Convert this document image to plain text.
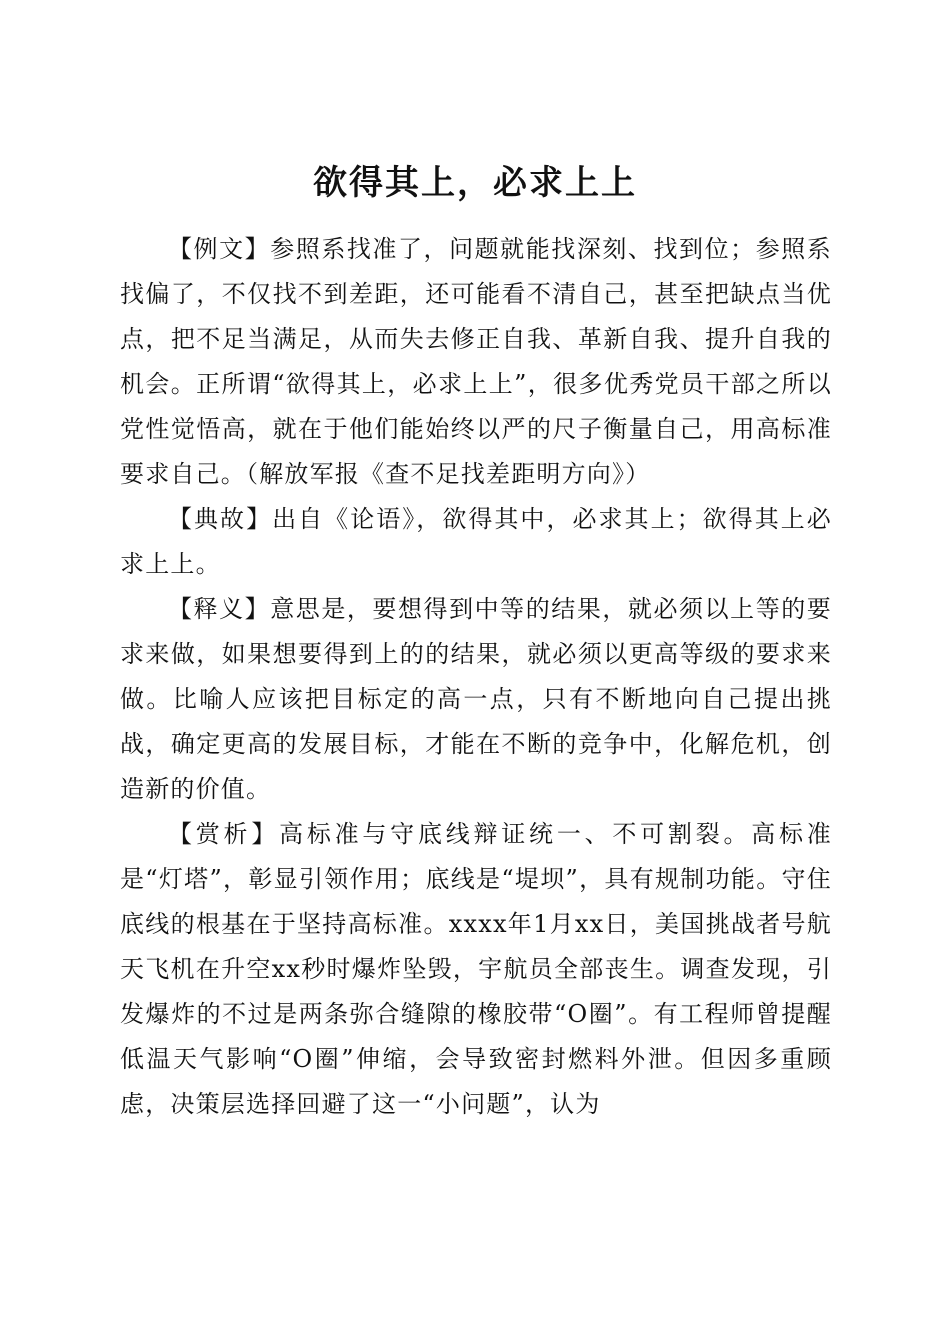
欲得其上，必求上上

【例文】参照系找准了，问题就能找深刻、找到位；参照系找偏了，不仅找不到差距，还可能看不清自己，甚至把缺点当优点，把不足当满足，从而失去修正自我、革新自我、提升自我的机会。正所谓“欲得其上，必求上上”，很多优秀党员干部之所以党性觉悟高，就在于他们能始终以严的尺子衡量自己，用高标准要求自己。（解放军报《查不足找差距明方向》）

【典故】出自《论语》，欲得其中，必求其上；欲得其上必求上上。

【释义】意思是，要想得到中等的结果，就必须以上等的要求来做，如果想要得到上的的结果，就必须以更高等级的要求来做。比喻人应该把目标定的高一点，只有不断地向自己提出挑战，确定更高的发展目标，才能在不断的竞争中，化解危机，创造新的价值。

【赏析】高标准与守底线辩证统一、不可割裂。高标准是“灯塔”，彰显引领作用；底线是“堤坝”，具有规制功能。守住底线的根基在于坚持高标准。xxxx年1月xx日，美国挑战者号航天飞机在升空xx秒时爆炸坠毁，宇航员全部丧生。调查发现，引发爆炸的不过是两条弥合缝隙的橡胶带“O圈”。有工程师曾提醒低温天气影响“O圈”伸缩，会导致密封燃料外泄。但因多重顾虑，决策层选择回避了这一“小问题”，认为
